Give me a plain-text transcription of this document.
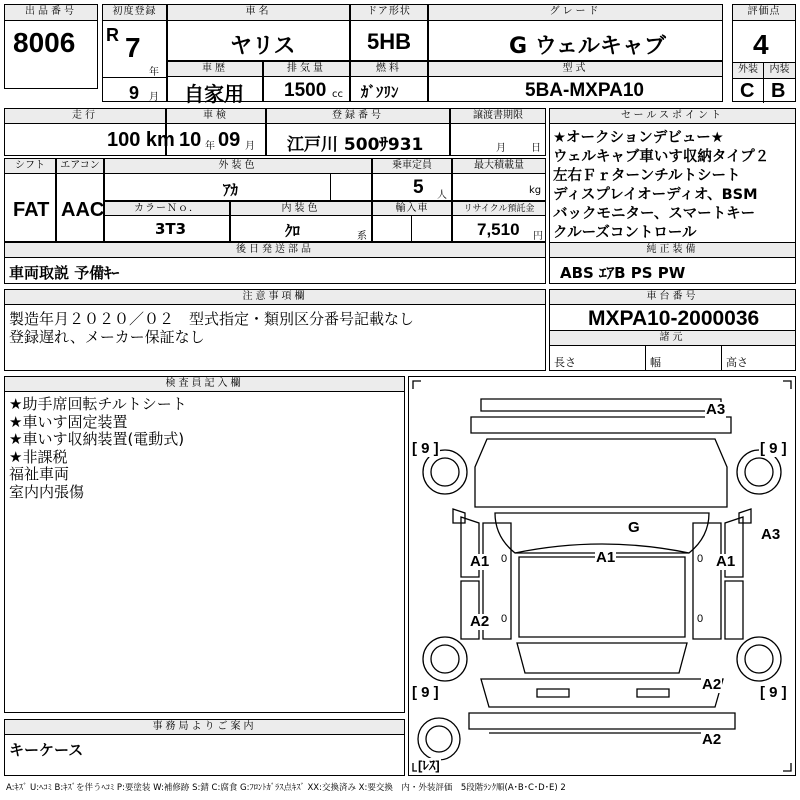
出品番号
8006
初度登録
R 7
年
9 月
車名
ヤリス
ドア形状
5HB
グレード
G ウェルキャブ
評価点
4
外装	内装
C B
車歴
自家用
排気量
1500 cc
燃料
ｶﾞｿﾘﾝ
型式
5BA-MXPA10
走行
100 km
車検
10 年 09 月
登録番号
江戸川 500ｻ931
譲渡書期限
月	日
セールスポイント
★オークションデビュー★
ウェルキャブ車いす収納タイプ２
左右Ｆｒターンチルトシート
ディスプレイオーディオ、BSM
バックモニター、スマートキー
クルーズコントロール
シフト
FAT
エアコン
AAC
外装色
ｱｶ
乗車定員
5 人
最大積載量
kg
カラーＮｏ．
3T3
内装色
ｸﾛ	系
輸入車	リサイクル預託金
7,510 円
後日発送部品
車両取説 予備ｷｰ
純正装備
ABS ｴｱB PS PW
注意事項欄
製造年月２０２０／０２　型式指定・類別区分番号記載なし
登録遅れ、メーカー保証なし
車台番号
MXPA10-2000036
諸元
長さ	幅	高さ
検査員記入欄
★助手席回転チルトシート
★車いす固定装置
★車いす収納装置(電動式)
★非課税
福祉車両
室内内張傷
事務局よりご案内
キーケース
A3
[ 9 ]	[ 9 ]
A3
G
A1
A1	A1
A2
A2
[ 9 ]	[ 9 ]
A2
[ﾚｽ]
0	0
0	0
A:ｷｽﾞ U:ﾍｺﾐ B:ｷｽﾞを伴うﾍｺﾐ P:要塗装 W:補修跡 S:錆 C:腐食 G:ﾌﾛﾝﾄｶﾞﾗｽ点ｷｽﾞ XX:交換済み X:要交換　内・外装評価　5段階ﾗﾝｸ順(A･B･C･D･E) 2
